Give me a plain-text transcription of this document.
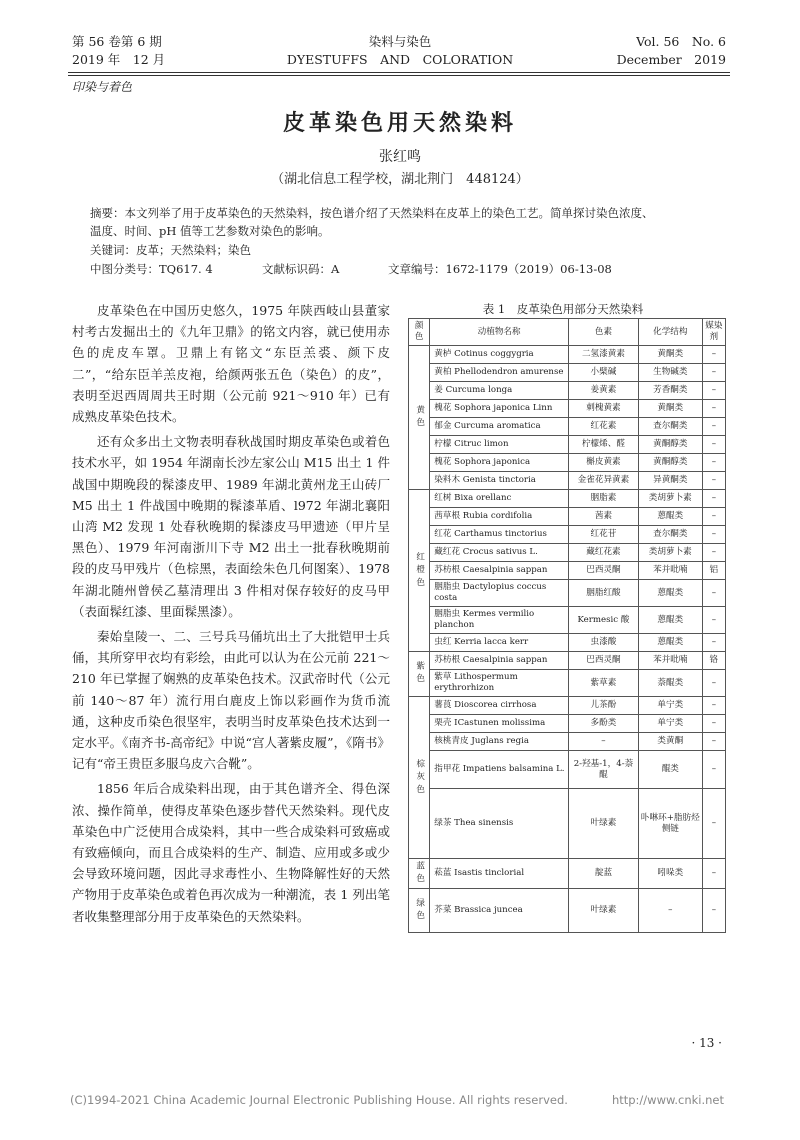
第 56 卷第 6 期
2019 年　12 月
染料与染色
DYESTUFFS　AND　COLORATION
Vol. 56　No. 6
December　2019
印染与着色
皮革染色用天然染料
张红鸣
（湖北信息工程学校，湖北荆门　448124）
摘要：本文列举了用于皮革染色的天然染料，按色谱介绍了天然染料在皮革上的染色工艺。简单探讨染色浓度、
温度、时间、pH 值等工艺参数对染色的影响。
关键词：皮革；天然染料；染色
中图分类号：TQ617. 4	文献标识码：A	文章编号：1672-1179（2019）06-13-08

皮革染色在中国历史悠久，1975 年陕西岐山县董家村考古发掘出土的《九年卫鼎》的铭文内容，就已使用赤色的虎皮车罩。卫鼎上有铭文“东臣羔裘、颜下皮二”，“给东臣羊羔皮袍，给颜两张五色（染色）的皮”，表明至迟西周周共王时期（公元前 921～910 年）已有成熟皮革染色技术。

还有众多出土文物表明春秋战国时期皮革染色或着色技术水平，如 1954 年湖南长沙左家公山 M15 出土 1 件战国中期晚段的髹漆皮甲、1989 年湖北黄州龙王山砖厂 M5 出土 1 件战国中晚期的髹漆革盾、l972 年湖北襄阳山湾 M2 发现 1 处春秋晚期的髹漆皮马甲遗迹（甲片呈黑色）、1979 年河南浙川下寺 M2 出土一批春秋晚期前段的皮马甲残片（色棕黑，表面绘朱色几何图案）、1978 年湖北随州曾侯乙墓清理出 3 件相对保存较好的皮马甲（表面髹红漆、里面髹黑漆）。

秦始皇陵一、二、三号兵马俑坑出土了大批铠甲士兵俑，其所穿甲衣均有彩绘，由此可以认为在公元前 221～210 年已掌握了娴熟的皮革染色技术。汉武帝时代（公元前 140～87 年）流行用白鹿皮上饰以彩画作为货币流通，这种皮币染色很坚牢，表明当时皮革染色技术达到一定水平。《南齐书-高帝纪》中说“宫人著紫皮履”，《隋书》记有“帝王贵臣多服乌皮六合靴”。

1856 年后合成染料出现，由于其色谱齐全、得色深浓、操作简单，使得皮革染色逐步替代天然染料。现代皮革染色中广泛使用合成染料，其中一些合成染料可致癌或有致癌倾向，而且合成染料的生产、制造、应用或多或少会导致环境问题，因此寻求毒性小、生物降解性好的天然产物用于皮革染色或着色再次成为一种潮流，表 1 列出笔者收集整理部分用于皮革染色的天然染料。

表 1　皮革染色用部分天然染料
颜色	动植物名称	色素	化学结构	媒染剂
黄色	黄栌 Cotinus coggygria	二氢漆黄素	黄酮类	–
	黄柏 Phellodendron amurense	小檗碱	生物碱类	–
	姜 Curcuma longa	姜黄素	芳香酮类	–
	槐花 Sophora japonica Linn	刺槐黄素	黄酮类	–
	郁金 Curcuma aromatica	红花素	查尔酮类	–
	柠檬 Citruc limon	柠檬烯、醛	黄酮醇类	–
	槐花 Sophora japonica	槲皮黄素	黄酮醇类	–
	染料木 Genista tinctoria	金雀花异黄素	异黄酮类	–
红橙色	红树 Bixa orellanc	胭脂素	类胡萝卜素	–
	茜草根 Rubia cordifolia	茜素	蒽醌类	–
	红花 Carthamus tinctorius	红花苷	查尔酮类	–
	藏红花 Crocus sativus L.	藏红花素	类胡萝卜素	–
	苏枋根 Caesalpinia sappan	巴西灵酮	苯并吡喃	铝
	胭脂虫 Dactylopius coccus costa	胭脂红酸	蒽醌类	–
	胭脂虫 Kermes vermilio planchon	Kermesic 酸	蒽醌类	–
	虫红 Kerria lacca kerr	虫漆酸	蒽醌类	–
紫色	苏枋根 Caesalpinia sappan	巴西灵酮	苯并吡喃	铬
	紫草 Lithospermum erythrorhizon	紫草素	萘醌类	–
棕灰色	薯莨 Dioscorea cirrhosa	儿茶酚	单宁类	–
	栗壳 ICastunen molissima	多酚类	单宁类	–
	核桃青皮 Juglans regia	–	类黄酮	–
	指甲花 Impatiens balsamina L.	2-羟基-1，4-萘醌	醌类	–
	绿茶 Thea sinensis	叶绿素	卟啉环+脂肪烃侧链	–
蓝色	菘蓝 Isastis tinclorial	靛蓝	吲哚类	–
绿色	芥菜 Brassica juncea	叶绿素	–	–
· 13 ·
(C)1994-2021 China Academic Journal Electronic Publishing House. All rights reserved.	http://www.cnki.net
